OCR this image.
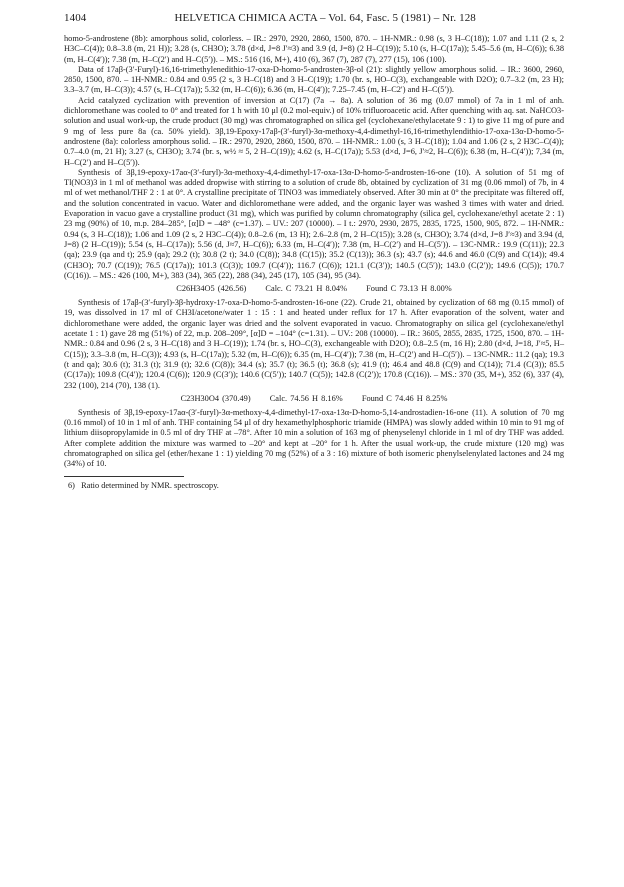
1404	HELVETICA CHIMICA ACTA – Vol. 64, Fasc. 5 (1981) – Nr. 128

homo-5-androstene (8b): amorphous solid, colorless. – IR.: 2970, 2920, 2860, 1500, 870. – 1H-NMR.: 0.98 (s, 3 H–C(18)); 1.07 and 1.11 (2 s, 2 H3C–C(4)); 0.8–3.8 (m, 21 H)); 3.28 (s, CH3O); 3.78 (d×d, J=8 J′≈3) and 3.9 (d, J=8) (2 H–C(19)); 5.10 (s, H–C(17a)); 5.45–5.6 (m, H–C(6)); 6.38 (m, H–C(4′)); 7.38 (m, H–C(2′) and H–C(5′)). – MS.: 516 (16, M+), 410 (6), 367 (7), 287 (7), 277 (15), 106 (100).

Data of 17aβ-(3′-Furyl)-16,16-trimethylenedithio-17-oxa-D-homo-5-androsten-3β-ol (21): slightly yellow amorphous solid. – IR.: 3600, 2960, 2850, 1500, 870. – 1H-NMR.: 0.84 and 0.95 (2 s, 3 H–C(18) and 3 H–C(19)); 1.70 (br. s, HO–C(3), exchangeable with D2O); 0.7–3.2 (m, 23 H); 3.3–3.7 (m, H–C(3)); 4.57 (s, H–C(17a)); 5.32 (m, H–C(6)); 6.36 (m, H–C(4′)); 7.25–7.45 (m, H–C2′) and H–C(5′)).

Acid catalyzed cyclization with prevention of inversion at C(17) (7a → 8a). A solution of 36 mg (0.07 mmol) of 7a in 1 ml of anh. dichloromethane was cooled to 0° and treated for 1 h with 10 μl (0.2 mol-equiv.) of 10% trifluoroacetic acid. After quenching with aq. sat. NaHCO3-solution and usual work-up, the crude product (30 mg) was chromatographed on silica gel (cyclohexane/ethylacetate 9 : 1) to give 11 mg of pure and 9 mg of less pure 8a (ca. 50% yield). 3β,19-Epoxy-17aβ-(3′-furyl)-3α-methoxy-4,4-dimethyl-16,16-trimethylendithio-17-oxa-13α-D-homo-5-androstene (8a): colorless amorphous solid. – IR.: 2970, 2920, 2860, 1500, 870. – 1H-NMR.: 1.00 (s, 3 H–C(18)); 1.04 and 1.06 (2 s, 2 H3C–C(4)); 0.7–4.0 (m, 21 H); 3.27 (s, CH3O); 3.74 (br. s, w½ ≈ 5, 2 H–C(19)); 4.62 (s, H–C(17a)); 5.53 (d×d, J=6, J′≈2, H–C(6)); 6.38 (m, H–C(4′)); 7,34 (m, H–C(2′) and H–C(5′)).

Synthesis of 3β,19-epoxy-17aα-(3′-furyl)-3α-methoxy-4,4-dimethyl-17-oxa-13α-D-homo-5-androsten-16-one (10). A solution of 51 mg of Tl(NO3)3 in 1 ml of methanol was added dropwise with stirring to a solution of crude 8b, obtained by cyclization of 31 mg (0.06 mmol) of 7b, in 4 ml of wet methanol/THF 2 : 1 at 0°. A crystalline precipitate of TlNO3 was immediately observed. After 30 min at 0° the precipitate was filtered off, and the solution concentrated in vacuo. Water and dichloromethane were added, and the organic layer was washed 3 times with water and dried. Evaporation in vacuo gave a crystalline product (31 mg), which was purified by column chromatography (silica gel, cyclohexane/ethyl acetate 2 : 1) 23 mg (90%) of 10, m.p. 284–285°, [α]D = –48° (c=1.37). – UV.: 207 (10000). – I t.: 2970, 2930, 2875, 2835, 1725, 1500, 905, 872. – 1H-NMR.: 0.94 (s, 3 H–C(18)); 1.06 and 1.09 (2 s, 2 H3C–C(4)); 0.8–2.6 (m, 13 H); 2.6–2.8 (m, 2 H–C(15)); 3.28 (s, CH3O); 3.74 (d×d, J=8 J′≈3) and 3.94 (d, J=8) (2 H–C(19)); 5.54 (s, H–C(17a)); 5.56 (d, J≈7, H–C(6)); 6.33 (m, H–C(4′)); 7.38 (m, H–C(2′) and H–C(5′)). – 13C-NMR.: 19.9 (C(11)); 22.3 (qa); 23.9 (qa and t); 25.9 (qa); 29.2 (t); 30.8 (2 t); 34.0 (C(8)); 34.8 (C(15)); 35.2 (C(13)); 36.3 (s); 43.7 (s); 44.6 and 46.0 (C(9) and C(14)); 49.4 (CH3O); 70.7 (C(19)); 76.5 (C(17a)); 101.3 (C(3)); 109.7 (C(4′)); 116.7 (C(6)); 121.1 (C(3′)); 140.5 (C(5′)); 143.0 (C(2′)); 149.6 (C(5)); 170.7 (C(16)). – MS.: 426 (100, M+), 383 (34), 365 (22), 288 (34), 245 (17), 105 (34), 95 (34).

C26H34O5 (426.56) Calc. C 73.21 H 8.04% Found C 73.13 H 8.00%

Synthesis of 17aβ-(3′-furyl)-3β-hydroxy-17-oxa-D-homo-5-androsten-16-one (22). Crude 21, obtained by cyclization of 68 mg (0.15 mmol) of 19, was dissolved in 17 ml of CH3I/acetone/water 1 : 15 : 1 and heated under reflux for 17 h. After evaporation of the solvent, water and dichloromethane were added, the organic layer was dried and the solvent evaporated in vacuo. Chromatography on silica gel (cyclohexane/ethyl acetate 1 : 1) gave 28 mg (51%) of 22, m.p. 208–209°, [α]D = –104° (c=1.31). – UV.: 208 (10000). – IR.: 3605, 2855, 2835, 1725, 1500, 870. – 1H-NMR.: 0.84 and 0.96 (2 s, 3 H–C(18) and 3 H–C(19)); 1.74 (br. s, HO–C(3), exchangeable with D2O); 0.8–2.5 (m, 16 H); 2.80 (d×d, J=18, J′≈5, H–C(15)); 3.3–3.8 (m, H–C(3)); 4.93 (s, H–C(17a)); 5.32 (m, H–C(6)); 6.35 (m, H–C(4′)); 7.38 (m, H–C(2′) and H–C(5′)). – 13C-NMR.: 11.2 (qa); 19.3 (t and qa); 30.6 (t); 31.3 (t); 31.9 (t); 32.6 (C(8)); 34.4 (s); 35.7 (t); 36.5 (t); 36.8 (s); 41.9 (t); 46.4 and 48.8 (C(9) and C(14)); 71.4 (C(3)); 85.5 (C(17a)); 109.8 (C(4′)); 120.4 (C(6)); 120.9 (C(3′)); 140.6 (C(5′)); 140.7 (C(5)); 142.8 (C(2′)); 170.8 (C(16)). – MS.: 370 (35, M+), 352 (6), 337 (4), 232 (100), 214 (70), 138 (1).

C23H30O4 (370.49) Calc. 74.56 H 8.16% Found C 74.46 H 8.25%

Synthesis of 3β,19-epoxy-17aα-(3′-furyl)-3α-methoxy-4,4-dimethyl-17-oxa-13α-D-homo-5,14-androstadien-16-one (11). A solution of 70 mg (0.16 mmol) of 10 in 1 ml of anh. THF containing 54 μl of dry hexamethylphosphoric triamide (HMPA) was slowly added within 10 min to 91 mg of lithium diisopropylamide in 0.5 ml of dry THF at –78°. After 10 min a solution of 163 mg of phenyselenyl chloride in 1 ml of dry THF was added. After complete addition the mixture was warmed to –20° and kept at –20° for 1 h. After the usual work-up, the crude mixture (120 mg) was chromatographed on silica gel (ether/hexane 1 : 1) yielding 70 mg (52%) of a 3 : 16) mixture of both isomeric phenylselenylated lactones and 24 mg (34%) of 10.

6) Ratio determined by NMR. spectroscopy.
